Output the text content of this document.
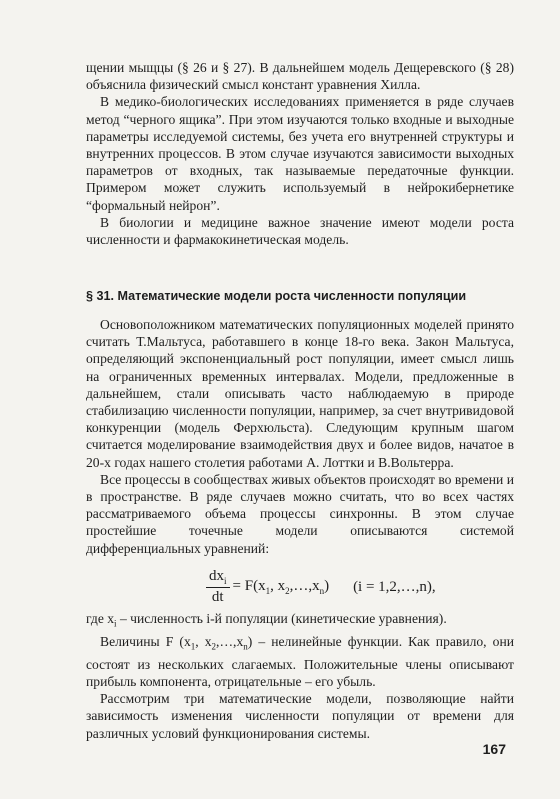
щении мыщцы (§ 26 и § 27). В дальнейшем модель Дещеревского (§ 28) объяснила физический смысл констант уравнения Хилла.

В медико-биологических исследованиях применяется в ряде случаев метод “черного ящика”. При этом изучаются только входные и выходные параметры исследуемой системы, без учета его внутренней структуры и внутренних процессов. В этом случае изучаются зависимости выходных параметров от входных, так называемые передаточные функции. Примером может служить используемый в нейрокибернетике “формальный нейрон”.

В биологии и медицине важное значение имеют модели роста численности и фармакокинетическая модель.

§ 31. Математические модели роста численности популяции

Основоположником математических популяционных моделей принято считать Т.Мальтуса, работавшего в конце 18-го века. Закон Мальтуса, определяющий экспоненциальный рост популяции, имеет смысл лишь на ограниченных временных интервалах. Модели, предложенные в дальнейшем, стали описывать часто наблюдаемую в природе стабилизацию численности популяции, например, за счет внутривидовой конкуренции (модель Ферхюльста). Следующим крупным шагом считается моделирование взаимодействия двух и более видов, начатое в 20-х годах нашего столетия работами А. Лоттки и В.Вольтерра.

Все процессы в сообществах живых объектов происходят во времени и в пространстве. В ряде случаев можно считать, что во всех частях рассматриваемого объема процессы синхронны. В этом случае простейшие точечные модели описываются системой дифференциальных уравнений:

$\frac{dx_i}{dt} = F(x_1$, $x_2,\dots,x_n$) (i = 1,2,…,n),

где $x_i$ – численность i-й популяции (кинетические уравнения).

Величины F ($x_1$, $x_2,\dots,x_n$) – нелинейные функции. Как правило, они состоят из нескольких слагаемых. Положительные члены описывают прибыль компонента, отрицательные – его убыль.

Рассмотрим три математические модели, позволяющие найти зависимость изменения численности популяции от времени для различных условий функционирования системы.

167
